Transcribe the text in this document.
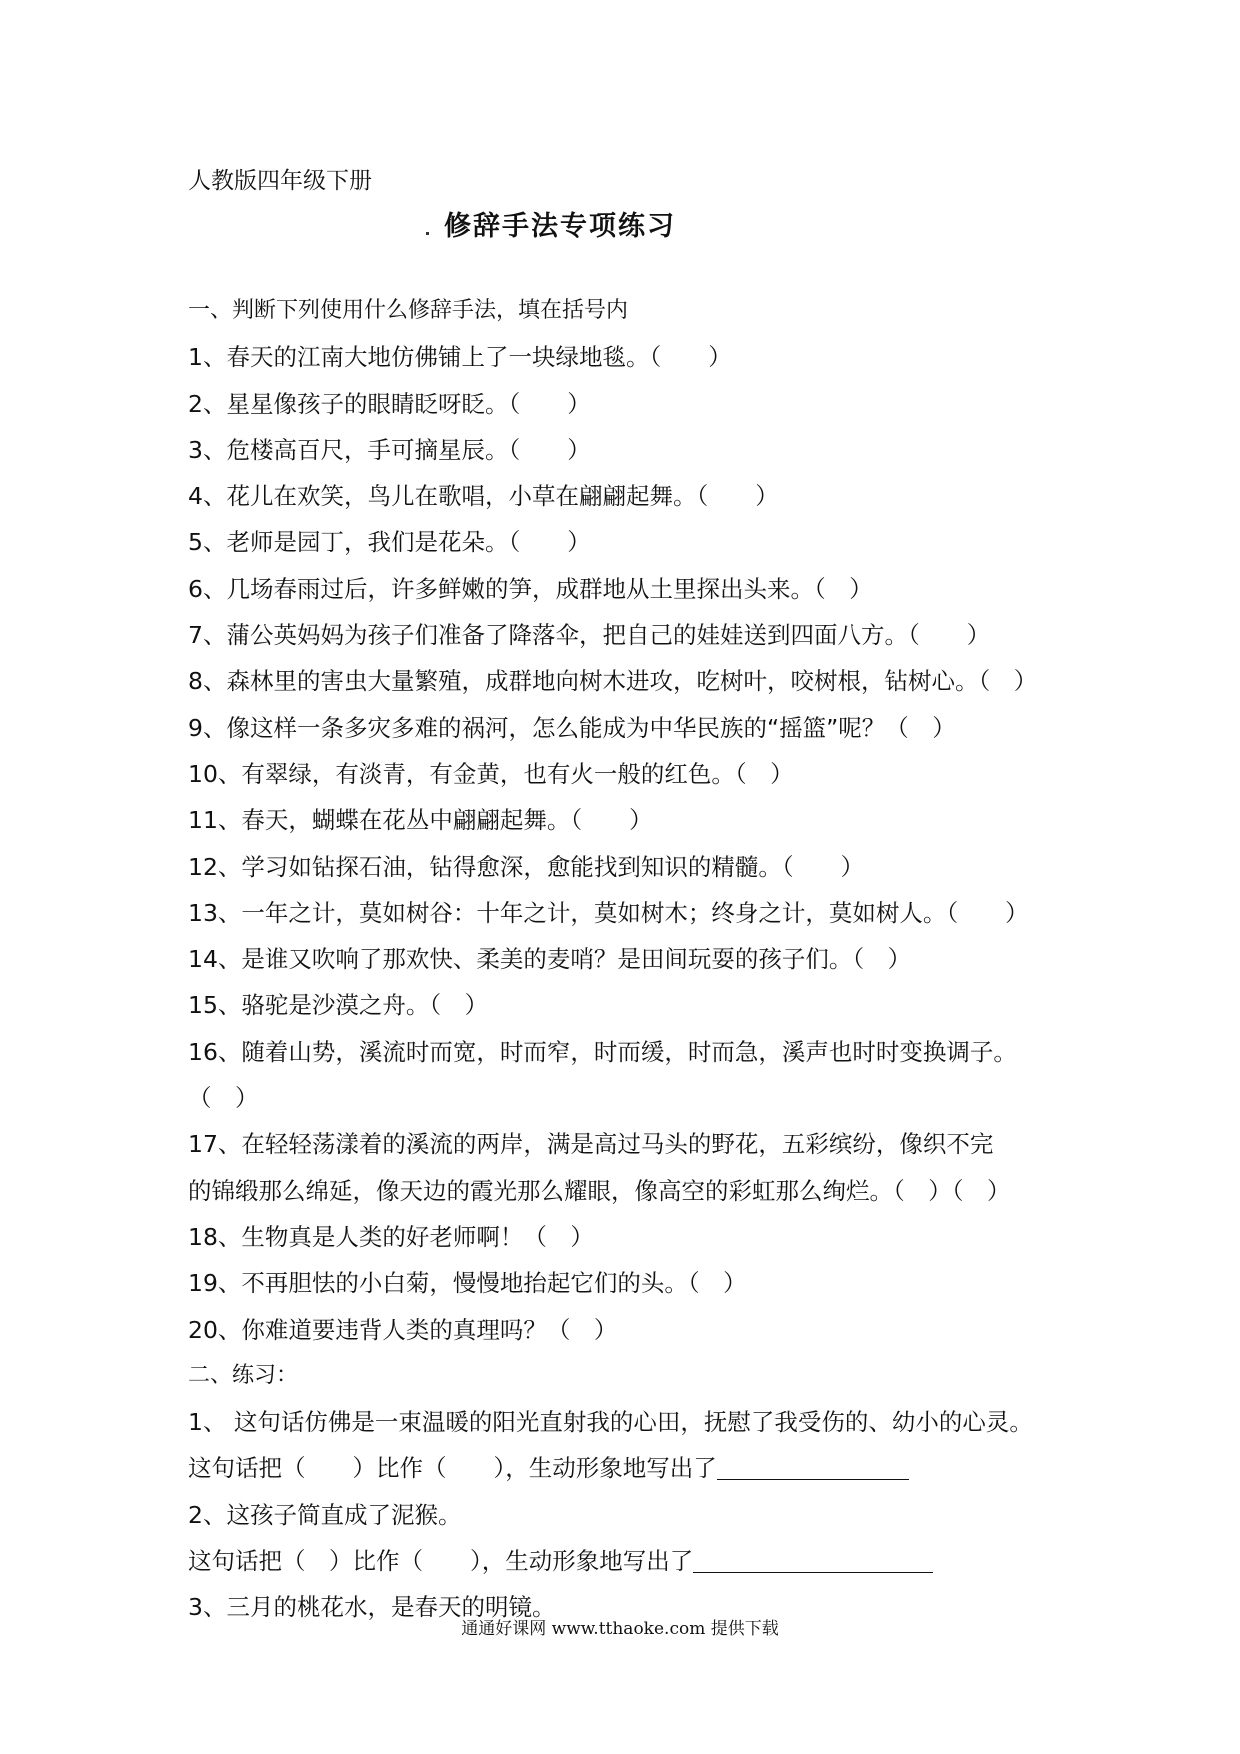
人教版四年级下册
修辞手法专项练习
一、判断下列使用什么修辞手法，填在括号内
1、春天的江南大地仿佛铺上了一块绿地毯。（　　）
2、星星像孩子的眼睛眨呀眨。（　　）
3、危楼高百尺，手可摘星辰。（　　）
4、花儿在欢笑，鸟儿在歌唱，小草在翩翩起舞。（　　）
5、老师是园丁，我们是花朵。（　　）
6、几场春雨过后，许多鲜嫩的笋，成群地从土里探出头来。（　）
7、蒲公英妈妈为孩子们准备了降落伞，把自己的娃娃送到四面八方。（　　）
8、森林里的害虫大量繁殖，成群地向树木进攻，吃树叶，咬树根，钻树心。（　）
9、像这样一条多灾多难的祸河，怎么能成为中华民族的“摇篮”呢？（　）
10、有翠绿，有淡青，有金黄，也有火一般的红色。（　）
11、春天，蝴蝶在花丛中翩翩起舞。（　　）
12、学习如钻探石油，钻得愈深，愈能找到知识的精髓。（　　）
13、一年之计，莫如树谷：十年之计，莫如树木；终身之计，莫如树人。（　　）
14、是谁又吹响了那欢快、柔美的麦哨？是田间玩耍的孩子们。（　）
15、骆驼是沙漠之舟。（　）
16、随着山势，溪流时而宽，时而窄，时而缓，时而急，溪声也时时变换调子。
（　）
17、在轻轻荡漾着的溪流的两岸，满是高过马头的野花，五彩缤纷，像织不完
的锦缎那么绵延，像天边的霞光那么耀眼，像高空的彩虹那么绚烂。（　）（　）
18、生物真是人类的好老师啊！（　）
19、不再胆怯的小白菊，慢慢地抬起它们的头。（　）
20、你难道要违背人类的真理吗？（　）
二、练习：
1、 这句话仿佛是一束温暖的阳光直射我的心田，抚慰了我受伤的、幼小的心灵。
这句话把（　　）比作（　　），生动形象地写出了
2、这孩子简直成了泥猴。
这句话把（　）比作（　　），生动形象地写出了
3、三月的桃花水，是春天的明镜。
通通好课网 www.tthaoke.com 提供下载
